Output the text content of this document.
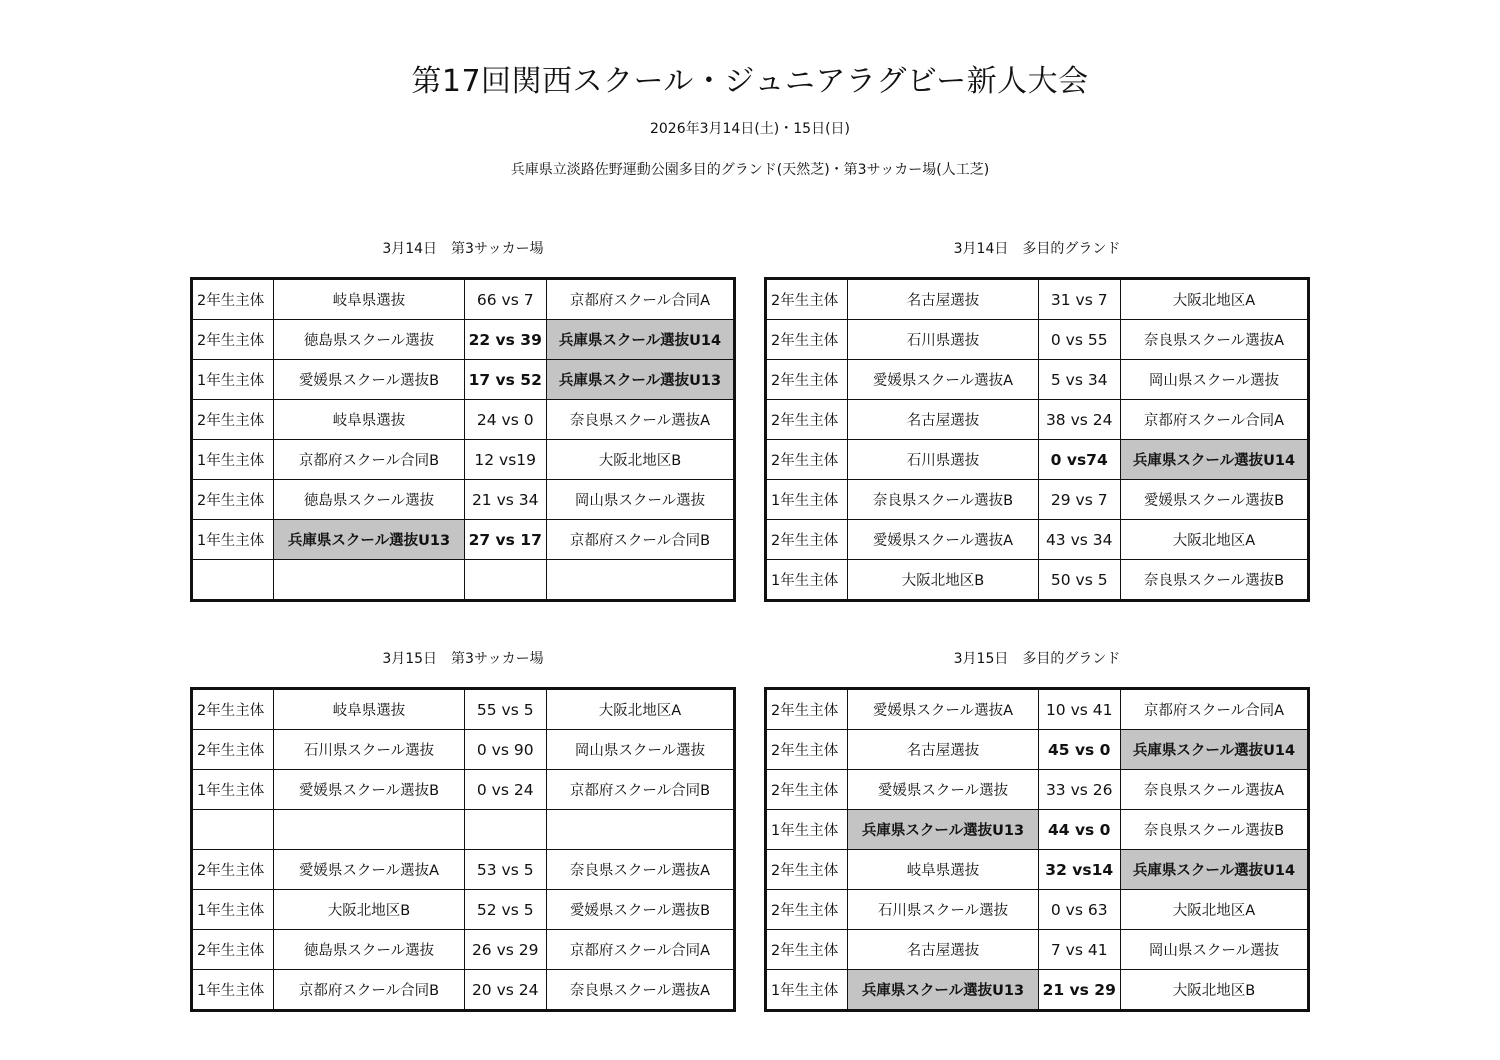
第17回関西スクール・ジュニアラグビー新人大会
2026年3月14日(土)・15日(日)
兵庫県立淡路佐野運動公園多目的グランド(天然芝)・第3サッカー場(人工芝)
3月14日　第3サッカー場
2年生主体	岐阜県選抜	66 vs 7	京都府スクール合同A
2年生主体	徳島県スクール選抜	22 vs 39	兵庫県スクール選抜U14
1年生主体	愛媛県スクール選抜B	17 vs 52	兵庫県スクール選抜U13
2年生主体	岐阜県選抜	24 vs 0	奈良県スクール選抜A
1年生主体	京都府スクール合同B	12 vs19	大阪北地区B
2年生主体	徳島県スクール選抜	21 vs 34	岡山県スクール選抜
1年生主体	兵庫県スクール選抜U13	27 vs 17	京都府スクール合同B

3月14日　多目的グランド
2年生主体	名古屋選抜	31 vs 7	大阪北地区A
2年生主体	石川県選抜	0 vs 55	奈良県スクール選抜A
2年生主体	愛媛県スクール選抜A	5 vs 34	岡山県スクール選抜
2年生主体	名古屋選抜	38 vs 24	京都府スクール合同A
2年生主体	石川県選抜	0 vs74	兵庫県スクール選抜U14
1年生主体	奈良県スクール選抜B	29 vs 7	愛媛県スクール選抜B
2年生主体	愛媛県スクール選抜A	43 vs 34	大阪北地区A
1年生主体	大阪北地区B	50 vs 5	奈良県スクール選抜B
3月15日　第3サッカー場
2年生主体	岐阜県選抜	55 vs 5	大阪北地区A
2年生主体	石川県スクール選抜	0 vs 90	岡山県スクール選抜
1年生主体	愛媛県スクール選抜B	0 vs 24	京都府スクール合同B

2年生主体	愛媛県スクール選抜A	53 vs 5	奈良県スクール選抜A
1年生主体	大阪北地区B	52 vs 5	愛媛県スクール選抜B
2年生主体	徳島県スクール選抜	26 vs 29	京都府スクール合同A
1年生主体	京都府スクール合同B	20 vs 24	奈良県スクール選抜A
3月15日　多目的グランド
2年生主体	愛媛県スクール選抜A	10 vs 41	京都府スクール合同A
2年生主体	名古屋選抜	45 vs 0	兵庫県スクール選抜U14
2年生主体	愛媛県スクール選抜	33 vs 26	奈良県スクール選抜A
1年生主体	兵庫県スクール選抜U13	44 vs 0	奈良県スクール選抜B
2年生主体	岐阜県選抜	32 vs14	兵庫県スクール選抜U14
2年生主体	石川県スクール選抜	0 vs 63	大阪北地区A
2年生主体	名古屋選抜	7 vs 41	岡山県スクール選抜
1年生主体	兵庫県スクール選抜U13	21 vs 29	大阪北地区B
